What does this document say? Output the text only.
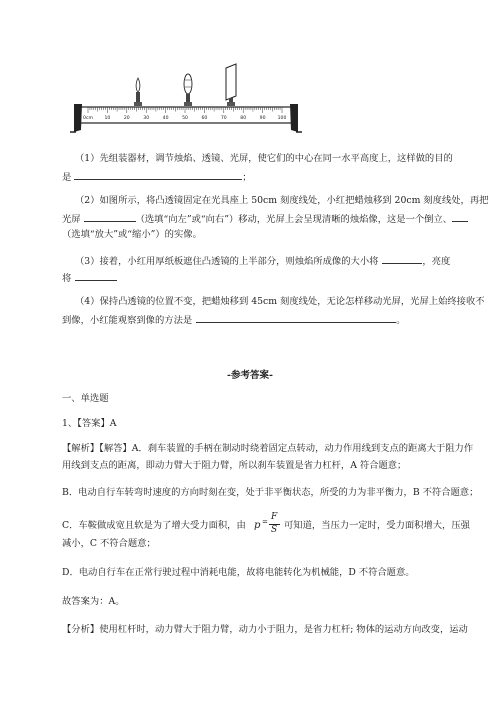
0cm	10	20	30	40	50	60	70	80	90	100
（1）先组装器材，调节烛焰、透镜、光屏，使它们的中心在同一水平高度上，这样做的目的
是	；
（2）如图所示，将凸透镜固定在光具座上 50cm 刻度线处，小红把蜡烛移到 20cm 刻度线处，再把
光屏	（选填“向左”或“向右”）移动，光屏上会呈现清晰的烛焰像，这是一个倒立、
（选填“放大”或“缩小”）的实像。
（3）接着，小红用厚纸板遮住凸透镜的上半部分，则烛焰所成像的大小将	，亮度
将
（4）保持凸透镜的位置不变，把蜡烛移到 45cm 刻度线处，无论怎样移动光屏，光屏上始终接收不
到像，小红能观察到像的方法是	。
-参考答案-
一、单选题
1、【答案】A
【解析】【解答】A．刹车装置的手柄在制动时绕着固定点转动，动力作用线到支点的距离大于阻力作
用线到支点的距离，即动力臂大于阻力臂，所以刹车装置是省力杠杆，A 符合题意；
B．电动自行车转弯时速度的方向时刻在变，处于非平衡状态，所受的力为非平衡力，B 不符合题意；
C．车鞍做成宽且软是为了增大受力面积，由 p = F
S 可知道，当压力一定时，受力面积增大，压强
减小，C 不符合题意；
D．电动自行车在正常行驶过程中消耗电能，故将电能转化为机械能，D 不符合题意。
故答案为：A。
【分析】使用杠杆时，动力臂大于阻力臂，动力小于阻力，是省力杠杆; 物体的运动方向改变，运动
